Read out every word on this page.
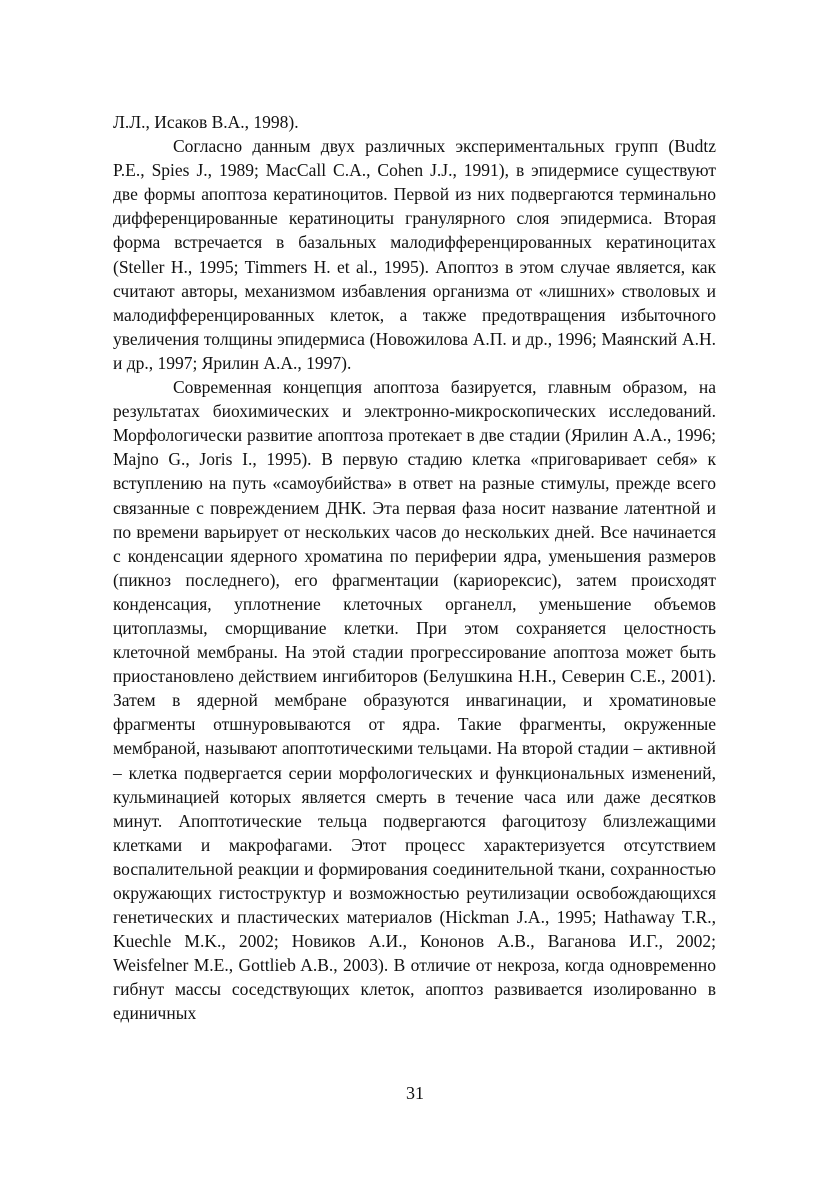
Л.Л., Исаков В.А., 1998).

Согласно данным двух различных экспериментальных групп (Budtz P.E., Spies J., 1989; MacCall C.A., Cohen J.J., 1991), в эпидермисе существуют две формы апоптоза кератиноцитов. Первой из них подвергаются терминально дифференцированные кератиноциты гранулярного слоя эпидермиса. Вторая форма встречается в базальных малодифференцированных кератиноцитах (Steller H., 1995; Timmers H. et al., 1995). Апоптоз в этом случае является, как считают авторы, механизмом избавления организма от «лишних» стволовых и малодифференцированных клеток, а также предотвращения избыточного увеличения толщины эпидермиса (Новожилова А.П. и др., 1996; Маянский А.Н. и др., 1997; Ярилин А.А., 1997).

Современная концепция апоптоза базируется, главным образом, на результатах биохимических и электронно-микроскопических исследований. Морфологически развитие апоптоза протекает в две стадии (Ярилин А.А., 1996; Majno G., Joris I., 1995). В первую стадию клетка «приговаривает себя» к вступлению на путь «самоубийства» в ответ на разные стимулы, прежде всего связанные с повреждением ДНК. Эта первая фаза носит название латентной и по времени варьирует от нескольких часов до нескольких дней. Все начинается с конденсации ядерного хроматина по периферии ядра, уменьшения размеров (пикноз последнего), его фрагментации (кариорексис), затем происходят конденсация, уплотнение клеточных органелл, уменьшение объемов цитоплазмы, сморщивание клетки. При этом сохраняется целостность клеточной мембраны. На этой стадии прогрессирование апоптоза может быть приостановлено действием ингибиторов (Белушкина Н.Н., Северин С.Е., 2001). Затем в ядерной мембране образуются инвагинации, и хроматиновые фрагменты отшнуровываются от ядра. Такие фрагменты, окруженные мембраной, называют апоптотическими тельцами. На второй стадии – активной – клетка подвергается серии морфологических и функциональных изменений, кульминацией которых является смерть в течение часа или даже десятков минут. Апоптотические тельца подвергаются фагоцитозу близлежащими клетками и макрофагами. Этот процесс характеризуется отсутствием воспалительной реакции и формирования соединительной ткани, сохранностью окружающих гистоструктур и возможностью реутилизации освобождающихся генетических и пластических материалов (Hickman J.A., 1995; Hathaway T.R., Kuechle M.K., 2002; Новиков А.И., Кононов А.В., Ваганова И.Г., 2002; Weisfelner M.E., Gottlieb A.B., 2003). В отличие от некроза, когда одновременно гибнут массы соседствующих клеток, апоптоз развивается изолированно в единичных

31
